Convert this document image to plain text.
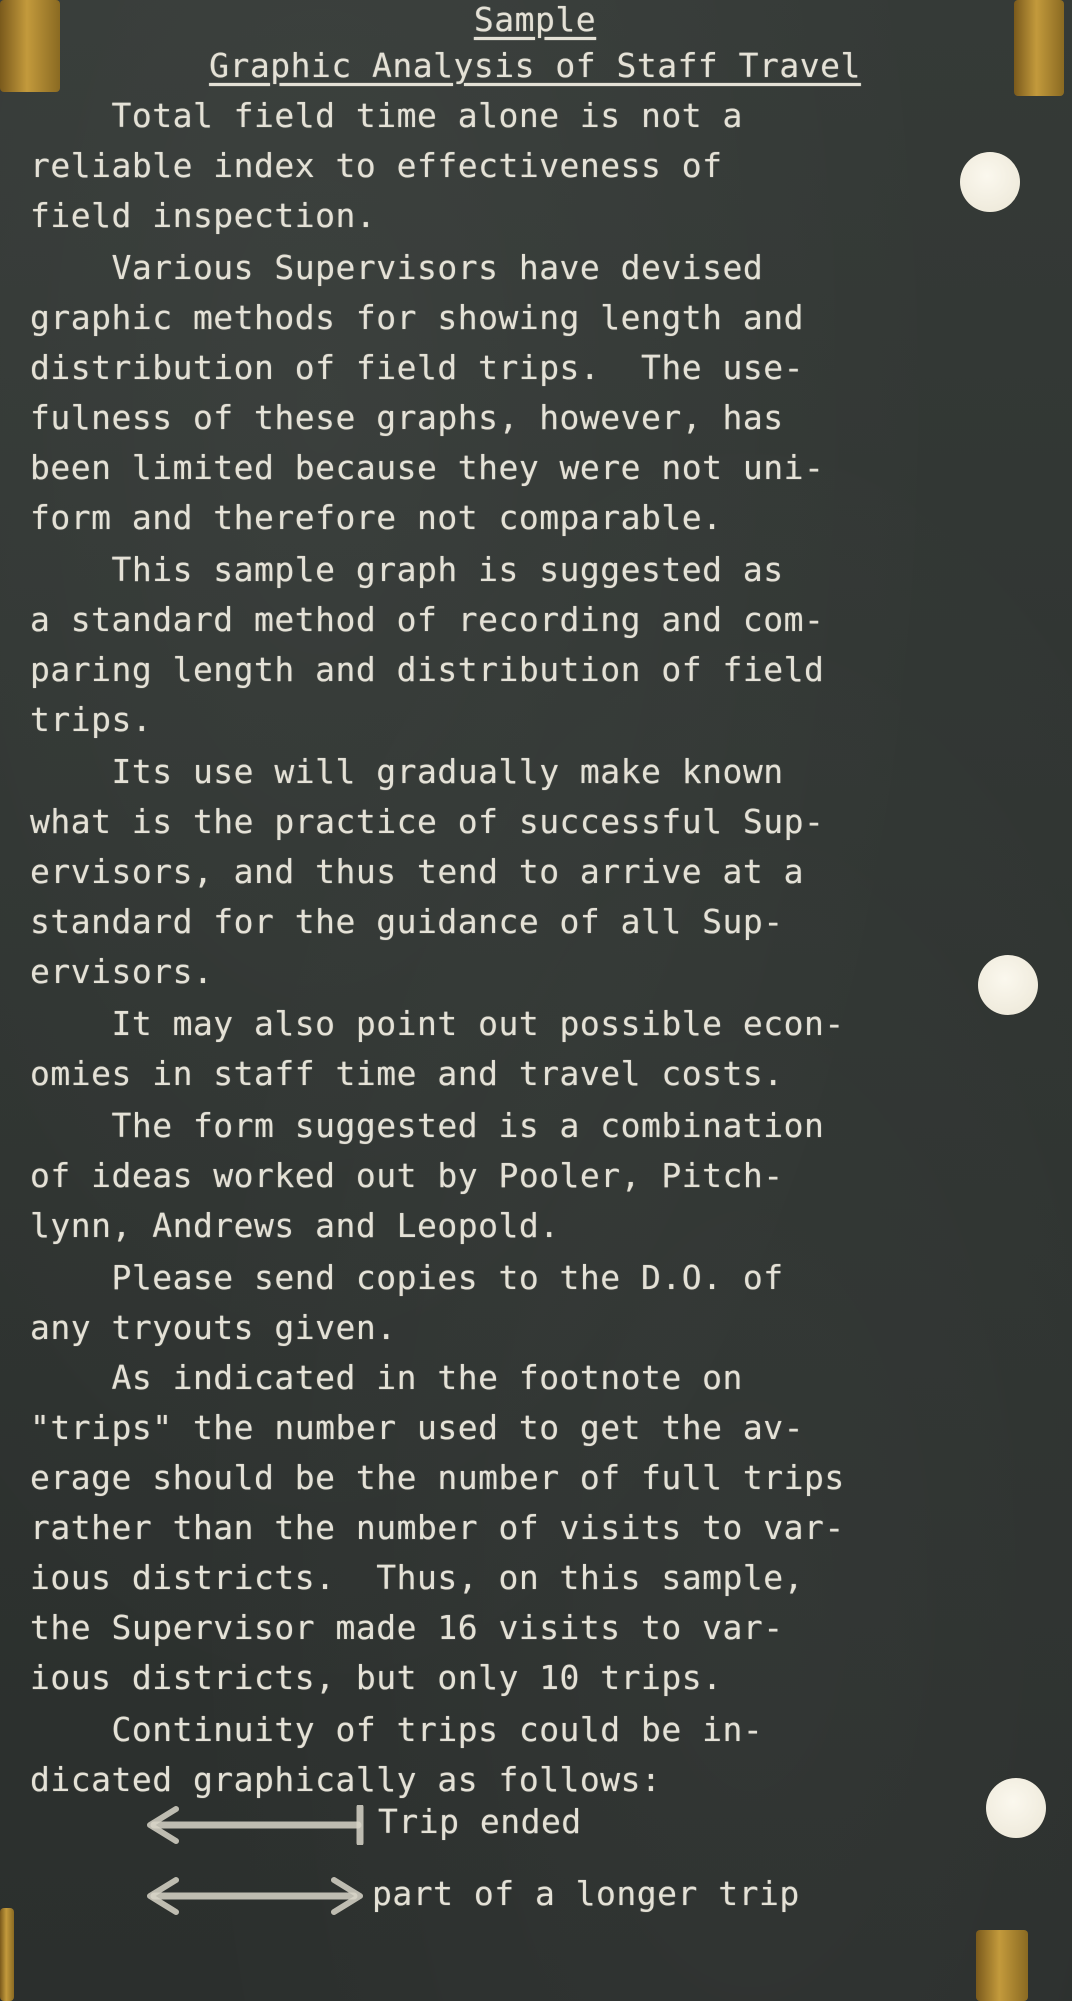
Sample
Graphic Analysis of Staff Travel
Total field time alone is not a
reliable index to effectiveness of
field inspection.
Various Supervisors have devised
graphic methods for showing length and
distribution of field trips.  The use-
fulness of these graphs, however, has
been limited because they were not uni-
form and therefore not comparable.
This sample graph is suggested as
a standard method of recording and com-
paring length and distribution of field
trips.
Its use will gradually make known
what is the practice of successful Sup-
ervisors, and thus tend to arrive at a
standard for the guidance of all Sup-
ervisors.
It may also point out possible econ-
omies in staff time and travel costs.
The form suggested is a combination
of ideas worked out by Pooler, Pitch-
lynn, Andrews and Leopold.
Please send copies to the D.O. of
any tryouts given.
As indicated in the footnote on
"trips" the number used to get the av-
erage should be the number of full trips
rather than the number of visits to var-
ious districts.  Thus, on this sample,
the Supervisor made 16 visits to var-
ious districts, but only 10 trips.
Continuity of trips could be in-
dicated graphically as follows:
Trip ended
part of a longer trip
